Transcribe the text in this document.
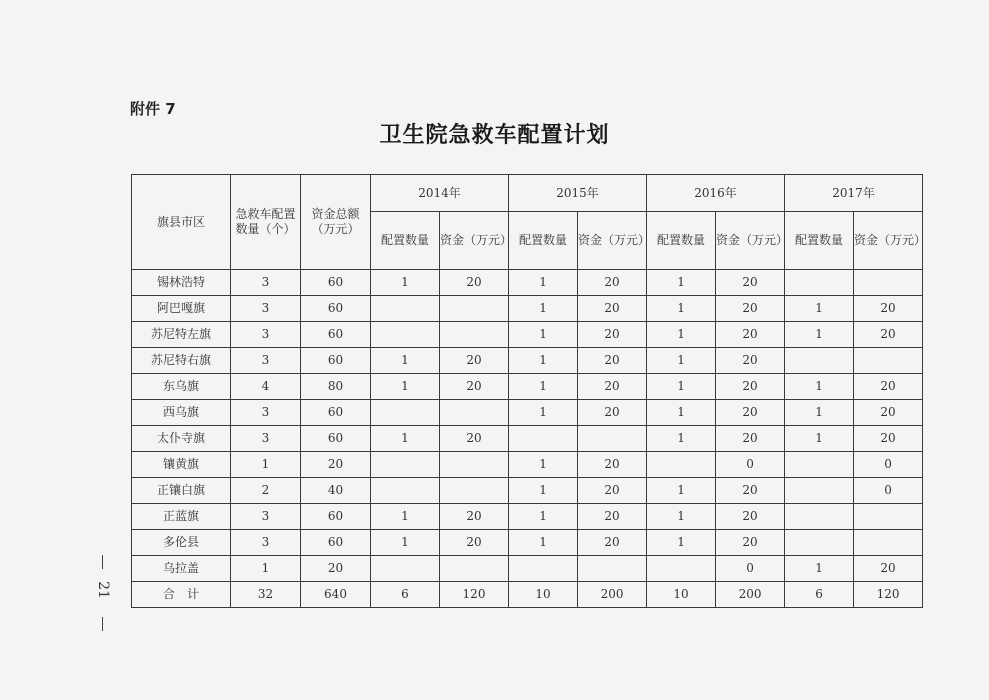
附件 7
卫生院急救车配置计划
21
旗县市区	急救车配置数量（个）	资金总额（万元）	2014年		2015年		2016年		2017年	
			配置数量	资金（万元）	配置数量	资金（万元）	配置数量	资金（万元）	配置数量	资金（万元）
锡林浩特	3	60	1	20	1	20	1	20		
阿巴嘎旗	3	60			1	20	1	20	1	20
苏尼特左旗	3	60			1	20	1	20	1	20
苏尼特右旗	3	60	1	20	1	20	1	20		
东乌旗	4	80	1	20	1	20	1	20	1	20
西乌旗	3	60			1	20	1	20	1	20
太仆寺旗	3	60	1	20			1	20	1	20
镶黄旗	1	20			1	20		0		0
正镶白旗	2	40			1	20	1	20		0
正蓝旗	3	60	1	20	1	20	1	20		
多伦县	3	60	1	20	1	20	1	20		
乌拉盖	1	20						0	1	20
合　计	32	640	6	120	10	200	10	200	6	120
